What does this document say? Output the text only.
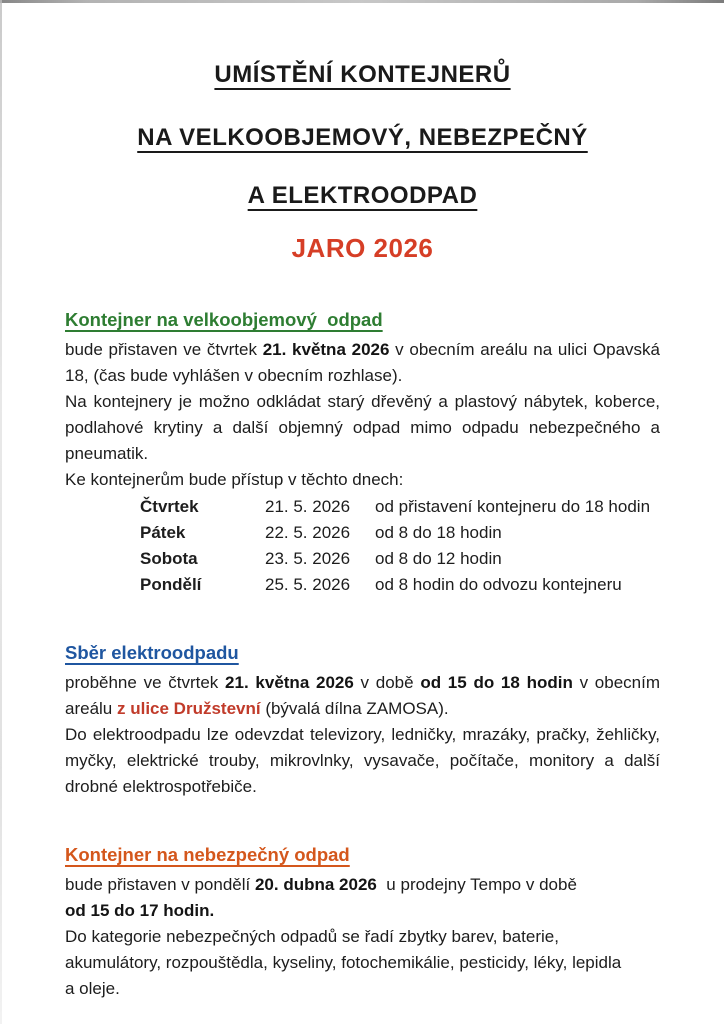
UMÍSTĚNÍ KONTEJNERŮ
NA VELKOOBJEMOVÝ, NEBEZPEČNÝ
A ELEKTROODPAD
JARO 2026
Kontejner na velkoobjemový  odpad

bude přistaven ve čtvrtek 21. května 2026 v obecním areálu na ulici Opavská 18, (čas bude vyhlášen v obecním rozhlase).

Na kontejnery je možno odkládat starý dřevěný a plastový nábytek, koberce, podlahové krytiny a další objemný odpad mimo odpadu nebezpečného a pneumatik.

Ke kontejnerům bude přístup v těchto dnech:

Čtvrtek	21. 5. 2026	od přistavení kontejneru do 18 hodin
Pátek	22. 5. 2026	od 8 do 18 hodin
Sobota	23. 5. 2026	od 8 do 12 hodin
Pondělí	25. 5. 2026	od 8 hodin do odvozu kontejneru
Sběr elektroodpadu

proběhne ve čtvrtek 21. května 2026 v době od 15 do 18 hodin v obecním areálu z ulice Družstevní (bývalá dílna ZAMOSA).

Do elektroodpadu lze odevzdat televizory, ledničky, mrazáky, pračky, žehličky, myčky, elektrické trouby, mikrovlnky, vysavače, počítače, monitory a další drobné elektrospotřebiče.

Kontejner na nebezpečný odpad

bude přistaven v pondělí 20. dubna 2026  u prodejny Tempo v době

od 15 do 17 hodin.

Do kategorie nebezpečných odpadů se řadí zbytky barev, baterie,

akumulátory, rozpouštědla, kyseliny, fotochemikálie, pesticidy, léky, lepidla

a oleje.
